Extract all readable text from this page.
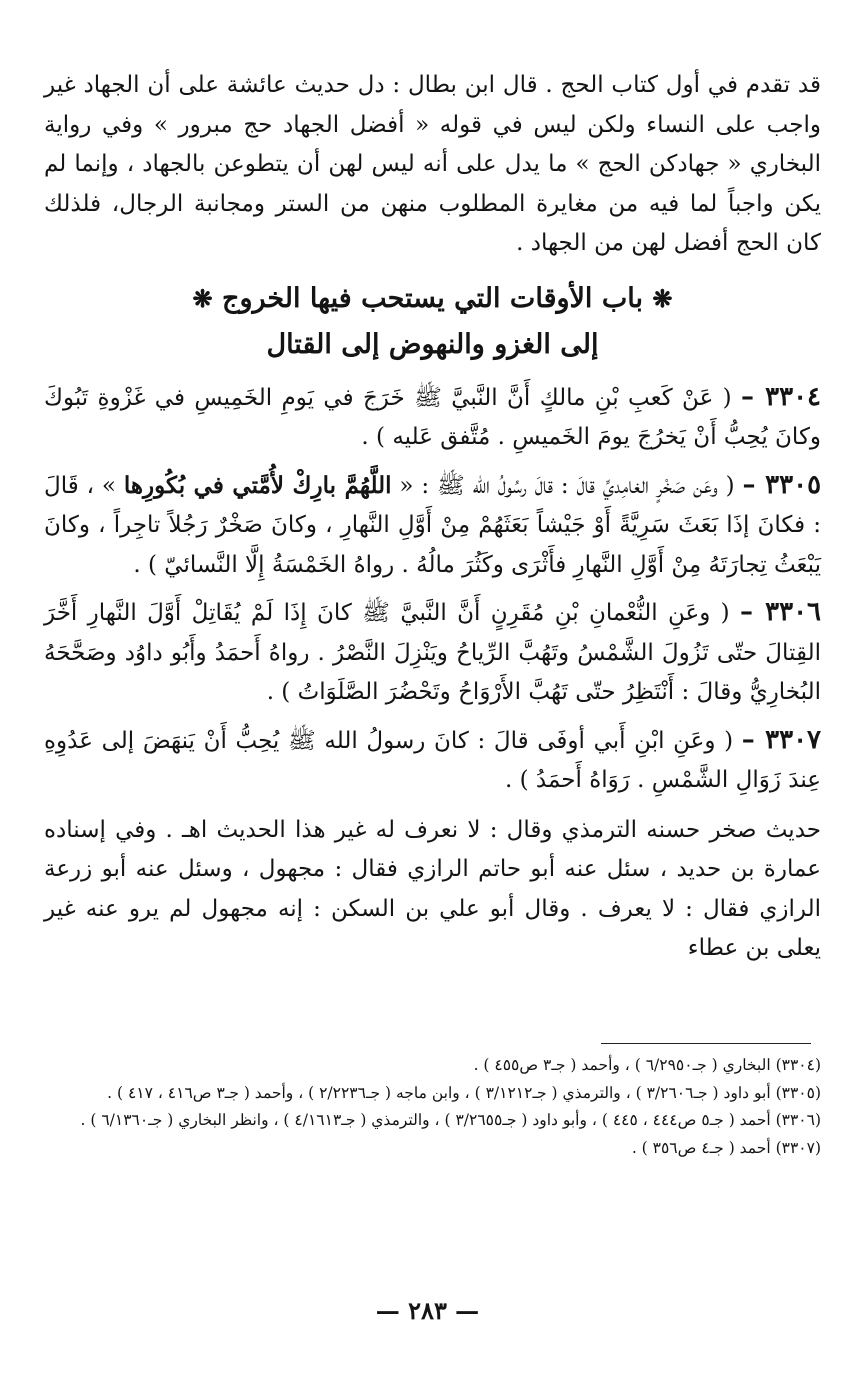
قد تقدم في أول كتاب الحج . قال ابن بطال : دل حديث عائشة على أن الجهاد غير واجب على النساء ولكن ليس في قوله « أفضل الجهاد حج مبرور » وفي رواية البخاري « جهادكن الحج » ما يدل على أنه ليس لهن أن يتطوعن بالجهاد ، وإنما لم يكن واجباً لما فيه من مغايرة المطلوب منهن من الستر ومجانبة الرجال، فلذلك كان الحج أفضل لهن من الجهاد .

❋ باب الأوقات التي يستحب فيها الخروج ❋

إلى الغزو والنهوض إلى القتال

٣٣٠٤ – ( عَنْ كَعبِ بْنِ مالكٍ أَنَّ النَّبيَّ ﷺ خَرَجَ في يَومِ الخَمِيسِ في غَزْوةِ تَبُوكَ وكانَ يُحِبُّ أَنْ يَخرُجَ يومَ الخَميسِ . مُتَّفق عَليه ) .

٣٣٠٥ – ( وعَن صَخْرٍ الغامِديِّ قالَ : قالَ رسُولُ الله ﷺ : « اللَّهُمَّ بارِكْ لأُمَّتي في بُكُورِها » ، قَالَ : فكانَ إذَا بَعَثَ سَرِيَّةً أَوْ جَيْشاً بَعَثَهُمْ مِنْ أَوَّلِ النَّهارِ ، وكانَ صَخْرٌ رَجُلاً تاجِراً ، وكانَ يَبْعَثُ تِجارَتَهُ مِنْ أَوَّلِ النَّهارِ فأَثْرَى وكَثُرَ مالُهُ . رواهُ الخَمْسَةُ إِلَّا النَّسائيّ ) .

٣٣٠٦ – ( وعَنِ النُّعْمانِ بْنِ مُقَرِنٍ أَنَّ النَّبيَّ ﷺ كانَ إِذَا لَمْ يُقَاتِلْ أَوَّلَ النَّهارِ أَخَّرَ القِتالَ حتّى تَزُولَ الشَّمْسُ وتَهُبَّ الرِّياحُ ويَنْزِلَ النَّصْرُ . رواهُ أَحمَدُ وأَبُو داوُد وصَحَّحَهُ البُخارِيُّ وقالَ : أَنْتَظِرُ حتّى تَهُبَّ الأَرْوَاحُ وتَحْضُرَ الصَّلَوَاتُ ) .

٣٣٠٧ – ( وعَنِ ابْنِ أَبي أوفَى قالَ : كانَ رسولُ الله ﷺ يُحِبُّ أَنْ يَنهَضَ إلى عَدُوِهِ عِندَ زَوَالِ الشَّمْسِ . رَوَاهُ أَحمَدُ ) .

حديث صخر حسنه الترمذي وقال : لا نعرف له غير هذا الحديث اهـ . وفي إسناده عمارة بن حديد ، سئل عنه أبو حاتم الرازي فقال : مجهول ، وسئل عنه أبو زرعة الرازي فقال : لا يعرف . وقال أبو علي بن السكن : إنه مجهول لم يرو عنه غير يعلى بن عطاء

(٣٣٠٤) البخاري ( جـ٦/٢٩٥٠ ) ، وأحمد ( جـ٣ ص٤٥٥ ) .

(٣٣٠٥) أبو داود ( جـ٣/٢٦٠٦ ) ، والترمذي ( جـ٣/١٢١٢ ) ، وابن ماجه ( جـ٢/٢٢٣٦ ) ، وأحمد ( جـ٣ ص٤١٦ ، ٤١٧ ) .

(٣٣٠٦) أحمد ( جـ٥ ص٤٤٤ ، ٤٤٥ ) ، وأبو داود ( جـ٣/٢٦٥٥ ) ، والترمذي ( جـ٤/١٦١٣ ) ، وانظر البخاري ( جـ٦/١٣٦٠ ) .

(٣٣٠٧) أحمد ( جـ٤ ص٣٥٦ ) .

— ٢٨٣ —
